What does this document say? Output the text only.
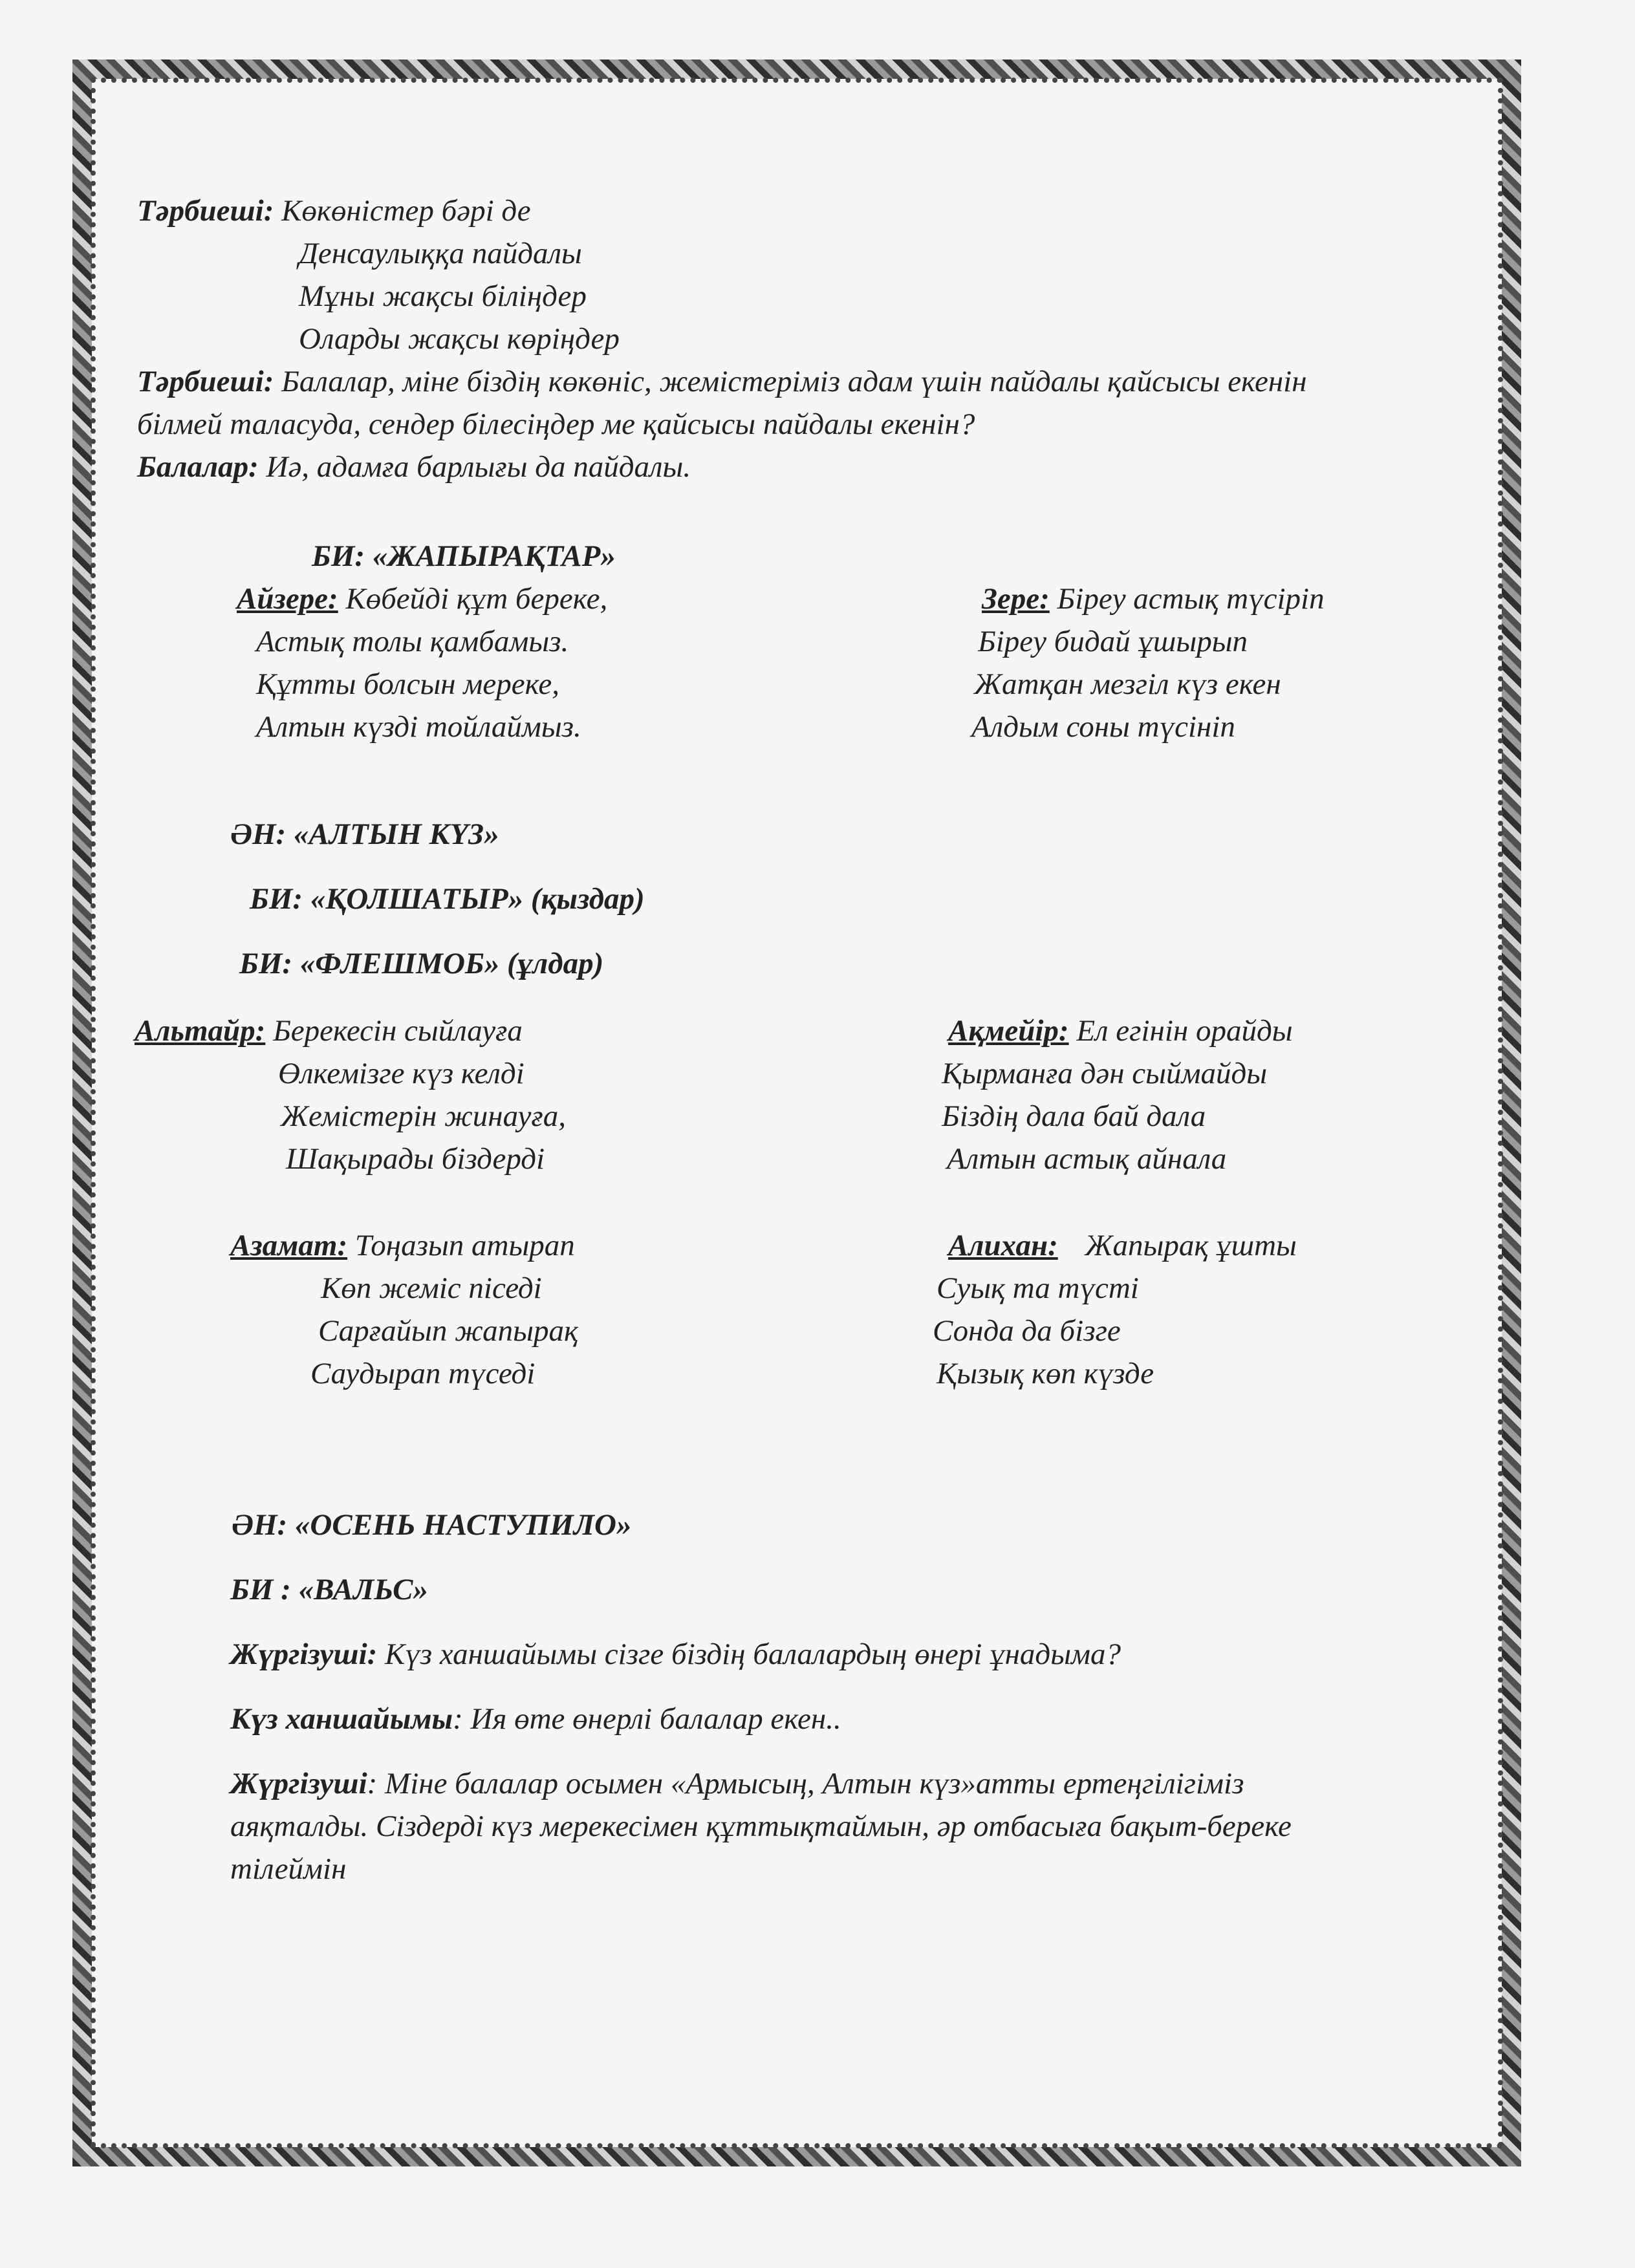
Тәрбиеші: Көкөністер бәрі де
Денсаулыққа пайдалы
Мұны жақсы біліңдер
Оларды жақсы көріңдер
Тәрбиеші: Балалар, міне біздің көкөніс, жемістеріміз адам үшін пайдалы қайсысы екенін
білмей таласуда, сендер білесіңдер ме қайсысы пайдалы екенін?
Балалар: Иә, адамға барлығы да пайдалы.
БИ: «ЖАПЫРАҚТАР»
Айзере: Көбейді құт береке,
Астық толы қамбамыз.
Құтты болсын мереке,
Алтын күзді тойлаймыз.
Зере: Біреу астық түсіріп
Біреу бидай ұшырып
Жатқан мезгіл күз екен
Алдым соны түсініп
ӘН: «АЛТЫН КҮЗ»
БИ: «ҚОЛШАТЫР» (қыздар)
БИ: «ФЛЕШМОБ» (ұлдар)
Альтайр: Берекесін сыйлауға
Өлкемізге күз келді
Жемістерін жинауға,
Шақырады біздерді
Ақмейір: Ел егінін орайды
Қырманға дән сыймайды
Біздің дала бай дала
Алтын астық айнала
Азамат: Тоңазып атырап
Көп жеміс піседі
Сарғайып жапырақ
Саудырап түседі
Алихан: Жапырақ ұшты
Суық та түсті
Сонда да бізге
Қызық көп күзде
ӘН: «ОСЕНЬ НАСТУПИЛО»
БИ : «ВАЛЬС»
Жүргізуші: Күз ханшайымы сізге біздің балалардың өнері ұнадыма?
Күз ханшайымы: Ия өте өнерлі балалар екен..
Жүргізуші: Міне балалар осымен «Армысың, Алтын күз»атты ертеңгілігіміз
аяқталды. Сіздерді күз мерекесімен құттықтаймын, әр отбасыға бақыт-береке
тілеймін
